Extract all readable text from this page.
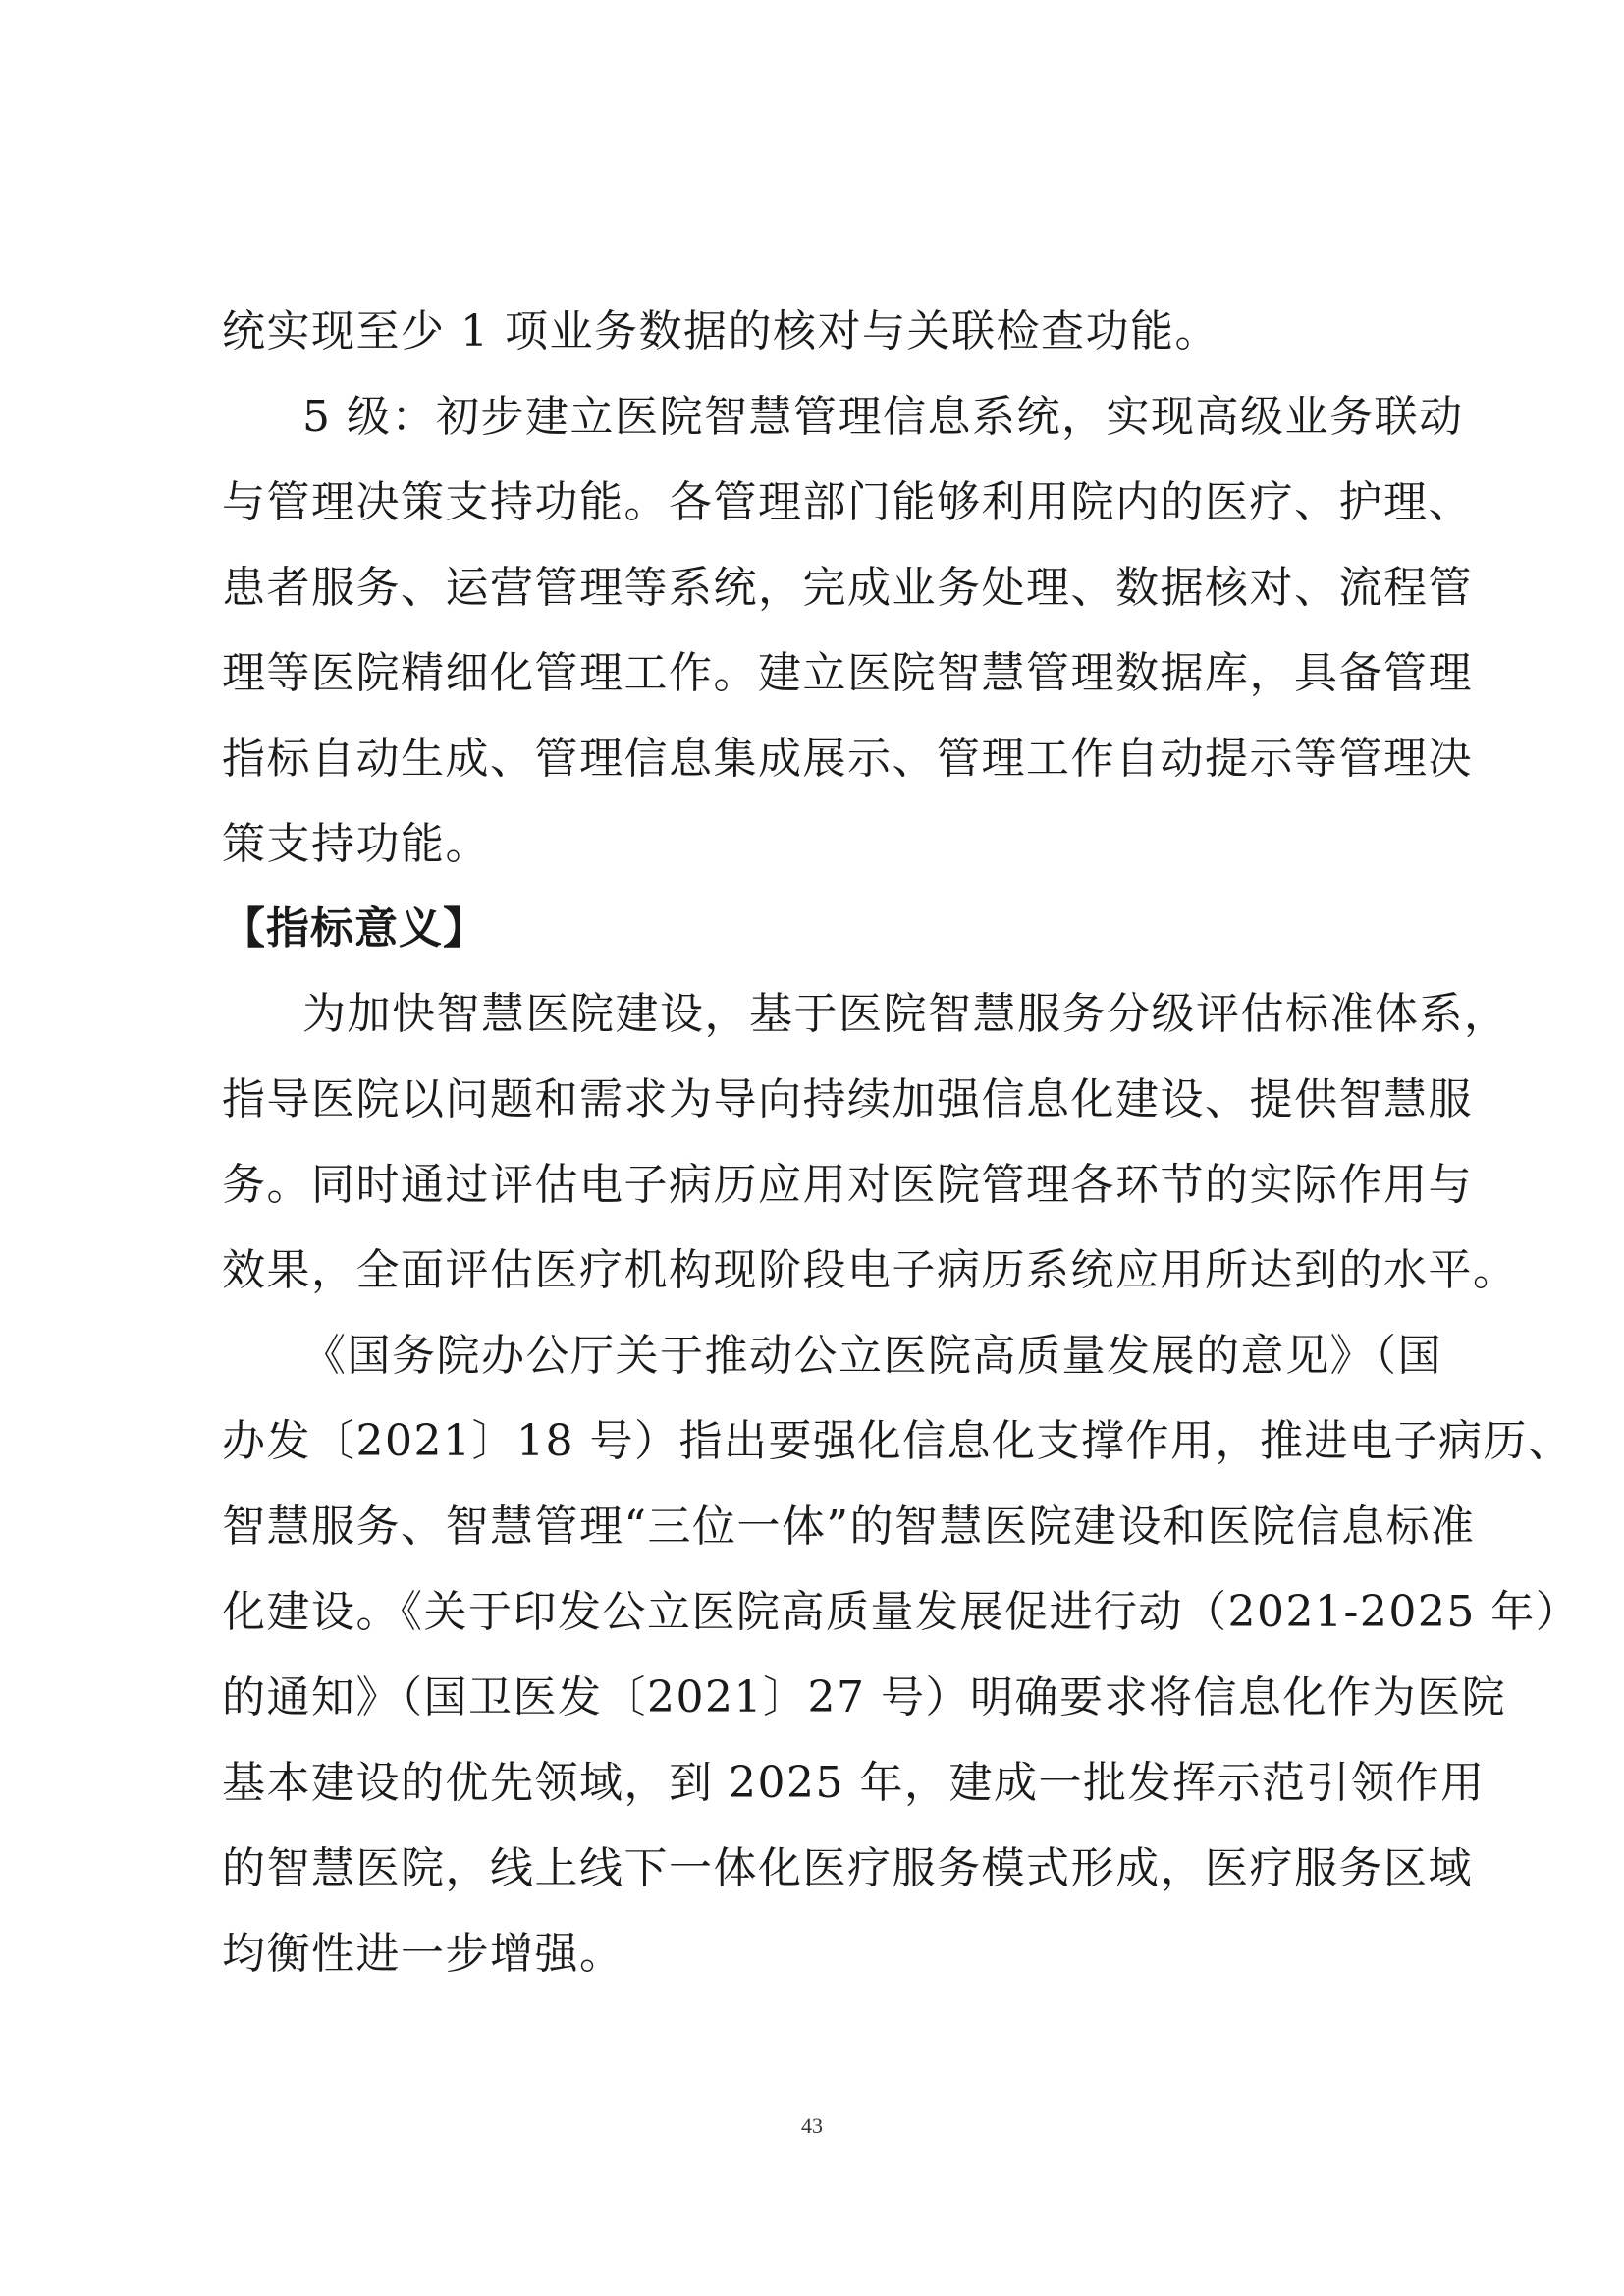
统实现至少 1 项业务数据的核对与关联检查功能。
5 级：初步建立医院智慧管理信息系统，实现高级业务联动
与管理决策支持功能。各管理部门能够利用院内的医疗、护理、
患者服务、运营管理等系统，完成业务处理、数据核对、流程管
理等医院精细化管理工作。建立医院智慧管理数据库，具备管理
指标自动生成、管理信息集成展示、管理工作自动提示等管理决
策支持功能。
【指标意义】
为加快智慧医院建设，基于医院智慧服务分级评估标准体系，
指导医院以问题和需求为导向持续加强信息化建设、提供智慧服
务。同时通过评估电子病历应用对医院管理各环节的实际作用与
效果，全面评估医疗机构现阶段电子病历系统应用所达到的水平。
《国务院办公厅关于推动公立医院高质量发展的意见》（国
办发〔2021〕18 号）指出要强化信息化支撑作用，推进电子病历、
智慧服务、智慧管理“三位一体”的智慧医院建设和医院信息标准
化建设。《关于印发公立医院高质量发展促进行动（2021-2025 年）
的通知》（国卫医发〔2021〕27 号）明确要求将信息化作为医院
基本建设的优先领域，到 2025 年，建成一批发挥示范引领作用
的智慧医院，线上线下一体化医疗服务模式形成，医疗服务区域
均衡性进一步增强。
43
